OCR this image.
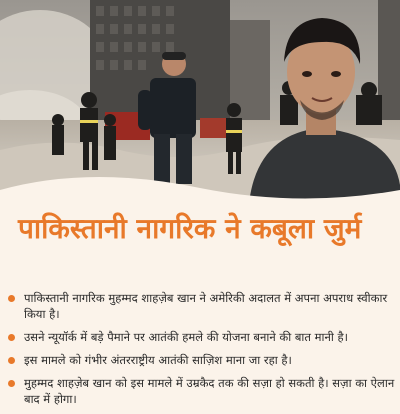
पाकिस्तानी नागरिक ने कबूला जुर्म
पाकिस्तानी नागरिक मुहम्मद शाहज़ेब खान ने अमेरिकी अदालत में अपना अपराध स्वीकार किया है।
उसने न्यूयॉर्क में बड़े पैमाने पर आतंकी हमले की योजना बनाने की बात मानी है।
इस मामले को गंभीर अंतरराष्ट्रीय आतंकी साज़िश माना जा रहा है।
मुहम्मद शाहज़ेब खान को इस मामले में उम्रकैद तक की सज़ा हो सकती है। सज़ा का ऐलान बाद में होगा।
